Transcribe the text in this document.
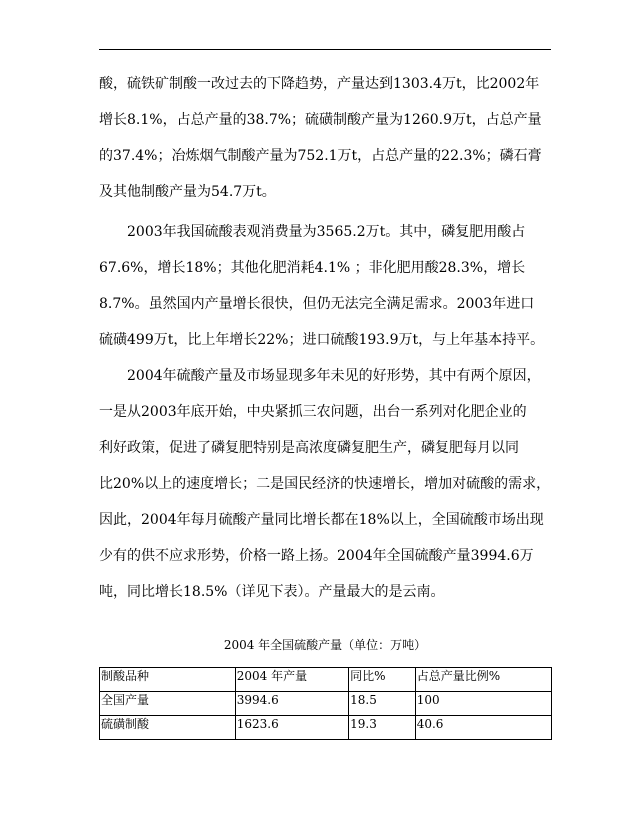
酸，硫铁矿制酸一改过去的下降趋势，产量达到1303.4万t，比2002年
增长8.1%，占总产量的38.7%；硫磺制酸产量为1260.9万t，占总产量
的37.4%；冶炼烟气制酸产量为752.1万t，占总产量的22.3%；磷石膏
及其他制酸产量为54.7万t。
2003年我国硫酸表观消费量为3565.2万t。其中，磷复肥用酸占
67.6%，增长18%；其他化肥消耗4.1% ；非化肥用酸28.3%，增长
8.7%。虽然国内产量增长很快，但仍无法完全满足需求。2003年进口
硫磺499万t，比上年增长22%；进口硫酸193.9万t，与上年基本持平。
2004年硫酸产量及市场显现多年未见的好形势，其中有两个原因，
一是从2003年底开始，中央紧抓三农问题，出台一系列对化肥企业的
利好政策，促进了磷复肥特别是高浓度磷复肥生产，磷复肥每月以同
比20%以上的速度增长；二是国民经济的快速增长，增加对硫酸的需求，
因此，2004年每月硫酸产量同比增长都在18%以上，全国硫酸市场出现
少有的供不应求形势，价格一路上扬。2004年全国硫酸产量3994.6万
吨，同比增长18.5%（详见下表）。产量最大的是云南。
2004 年全国硫酸产量（单位：万吨）
制酸品种	2004 年产量	同比%	占总产量比例%
全国产量	3994.6	18.5	100
硫磺制酸	1623.6	19.3	40.6
